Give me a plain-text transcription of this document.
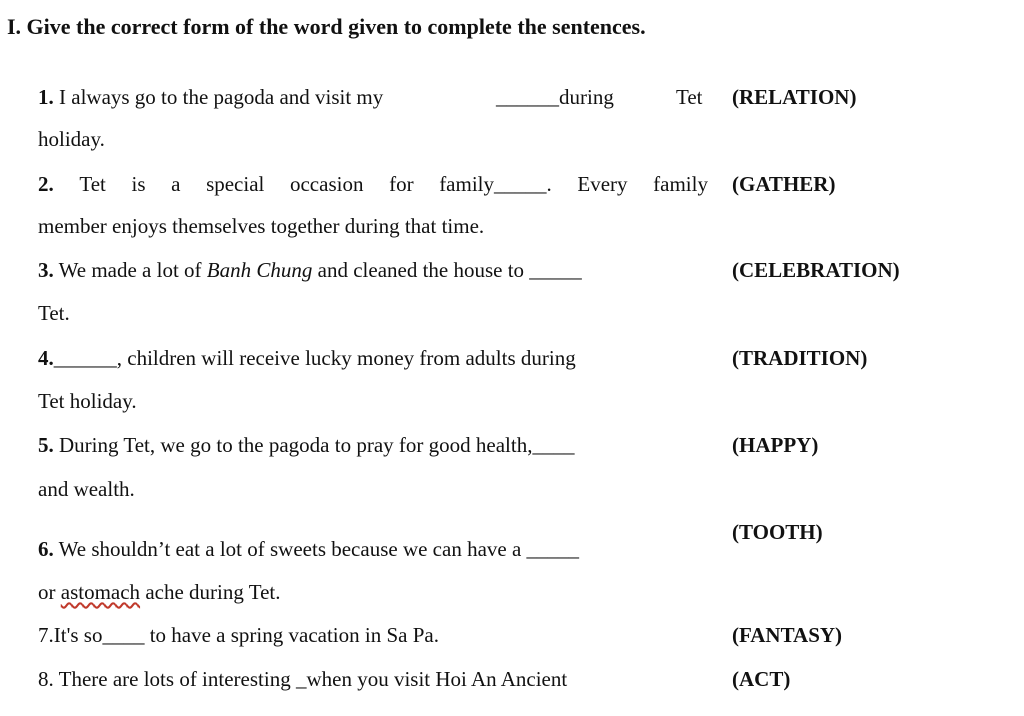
I. Give the correct form of the word given to complete the sentences.
1. I always go to the pagoda and visit my	______during	Tet (RELATION)
holiday.
2. Tet is a special occasion for family_____. Every family (GATHER)
member enjoys themselves together during that time.
3. We made a lot of Banh Chung and cleaned the house to _____	(CELEBRATION)
Tet.
4.______, children will receive lucky money from adults during	(TRADITION)
Tet holiday.
5. During Tet, we go to the pagoda to pray for good health,____	(HAPPY)
and wealth.
6. We shouldn’t eat a lot of sweets because we can have a _____
(TOOTH)
or astomach ache during Tet.
7.It's so____ to have a spring vacation in Sa Pa.	(FANTASY)
8. There are lots of interesting _when you visit Hoi An Ancient	(ACT)
